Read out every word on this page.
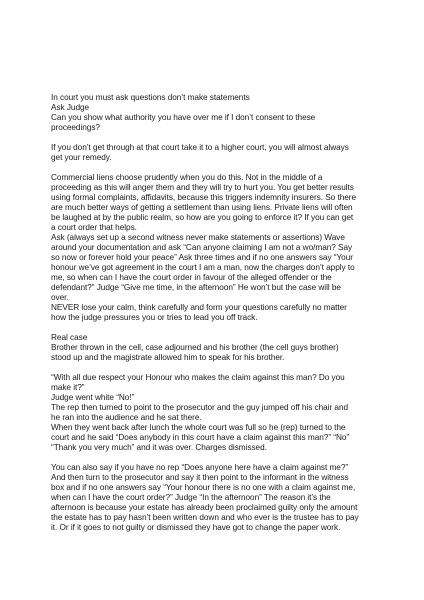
In court you must ask questions don’t make statements
Ask Judge
Can you show what authority you have over me if I don’t consent to these
proceedings?
If you don’t get through at that court take it to a higher court, you will almost always
get your remedy.
Commercial liens choose prudently when you do this. Not in the middle of a
proceeding as this will anger them and they will try to hurt you. You get better results
using formal complaints, affidavits, because this triggers indemnity insurers. So there
are much better ways of getting a settlement than using liens. Private liens will often
be laughed at by the public realm, so how are you going to enforce it? If you can get
a court order that helps.
Ask (always set up a second witness never make statements or assertions) Wave
around your documentation and ask “Can anyone claiming I am not a wo/man? Say
so now or forever hold your peace” Ask three times and if no one answers say “Your
honour we’ve got agreement in the court I am a man, now the charges don’t apply to
me, so when can I have the court order in favour of the alleged offender or the
defendant?” Judge “Give me time, in the afternoon” He won’t but the case will be
over.
NEVER lose your calm, think carefully and form your questions carefully no matter
how the judge pressures you or tries to lead you off track.
Real case
Brother thrown in the cell, case adjourned and his brother (the cell guys brother)
stood up and the magistrate allowed him to speak for his brother.
“With all due respect your Honour who makes the claim against this man? Do you
make it?”
Judge went white “No!”
The rep then turned to point to the prosecutor and the guy jumped off his chair and
he ran into the audience and he sat there.
When they went back after lunch the whole court was full so he (rep) turned to the
court and he said “Does anybody in this court have a claim against this man?” “No”
“Thank you very much” and it was over. Charges dismissed.
You can also say if you have no rep “Does anyone here have a claim against me?”
And then turn to the prosecutor and say it then point to the informant in the witness
box and if no one answers say “Your honour there is no one with a claim against me,
when can I have the court order?” Judge “In the afternoon” The reason it’s the
afternoon is because your estate has already been proclaimed guilty only the amount
the estate has to pay hasn’t been written down and who ever is the trustee has to pay
it. Or if it goes to not guilty or dismissed they have got to change the paper work.
